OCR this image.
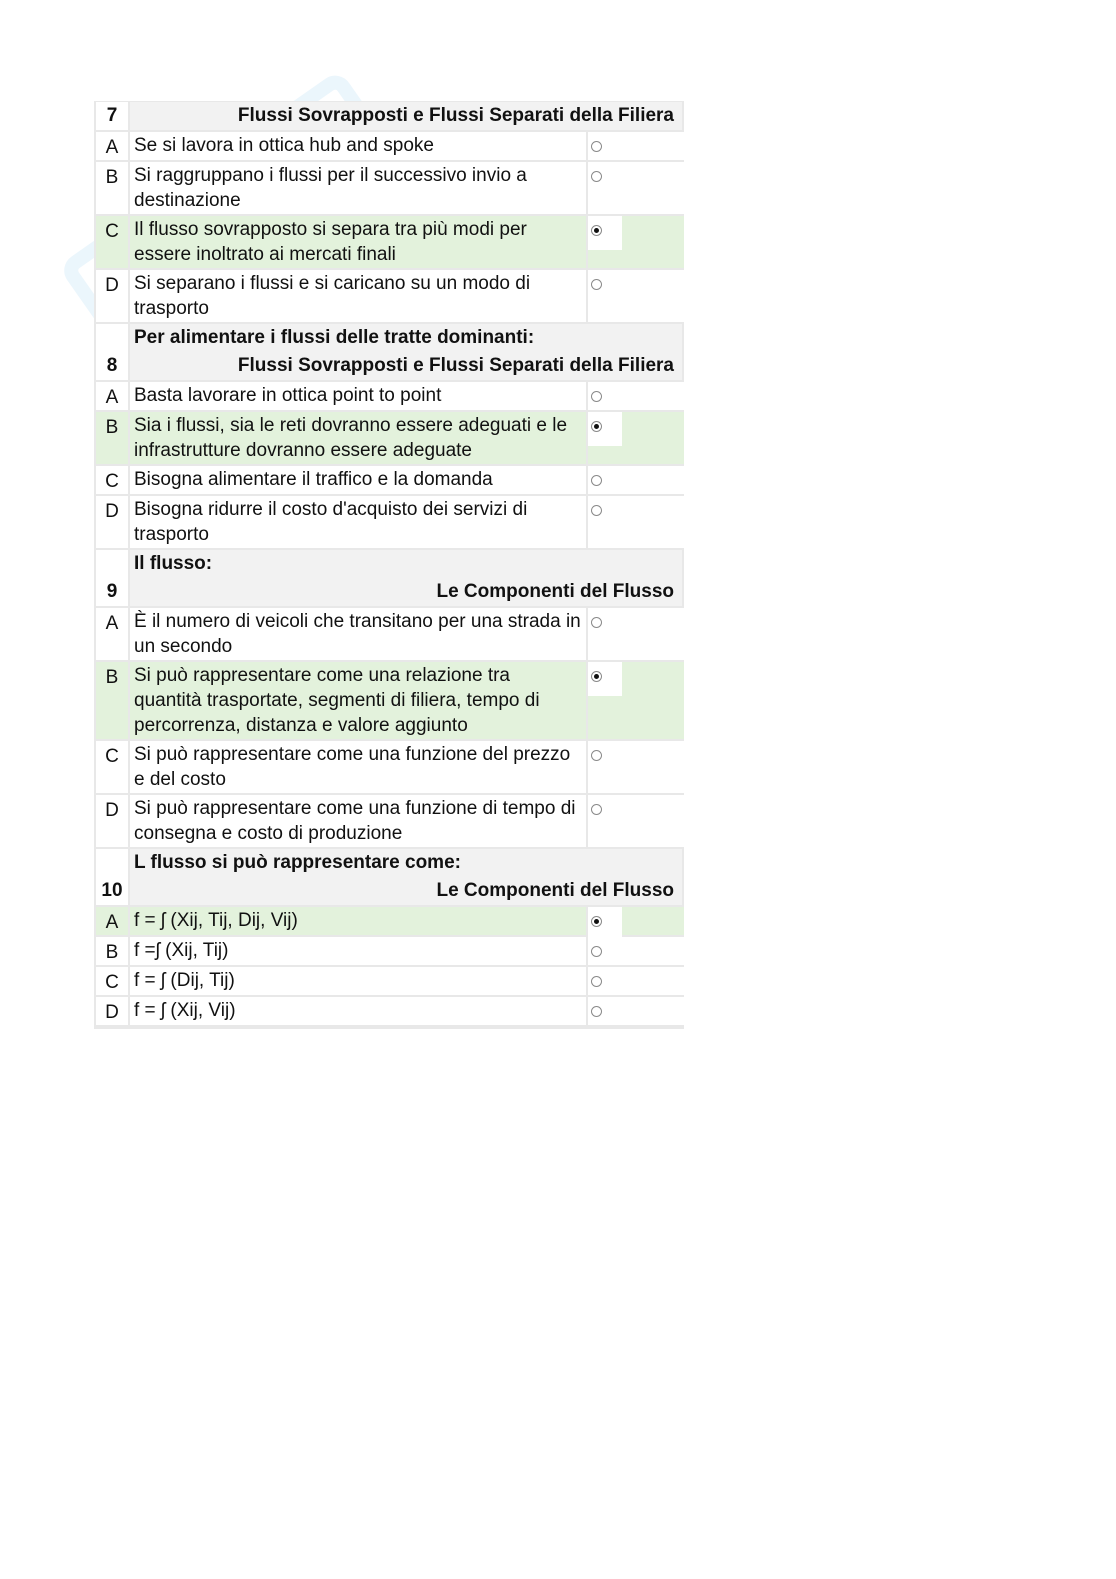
7	Flussi Sovrapposti e Flussi Separati della Filiera
A Se si lavora in ottica hub and spoke
B Si raggruppano i flussi per il successivo invio a destinazione
C Il flusso sovrapposto si separa tra più modi per essere inoltrato ai mercati finali
D Si separano i flussi e si caricano su un modo di trasporto
8
Per alimentare i flussi delle tratte dominanti:
Flussi Sovrapposti e Flussi Separati della Filiera
A Basta lavorare in ottica point to point
B Sia i flussi, sia le reti dovranno essere adeguati e le infrastrutture dovranno essere adeguate
C Bisogna alimentare il traffico e la domanda
D Bisogna ridurre il costo d'acquisto dei servizi di trasporto
9
Il flusso:
Le Componenti del Flusso
A È il numero di veicoli che transitano per una strada in un secondo
B Si può rappresentare come una relazione tra quantità trasportate, segmenti di filiera, tempo di percorrenza, distanza e valore aggiunto
C Si può rappresentare come una funzione del prezzo e del costo
D Si può rappresentare come una funzione di tempo di consegna e costo di produzione
10
L flusso si può rappresentare come:
Le Componenti del Flusso
A f = ʃ (Xij, Tij, Dij, Vij)
B f =ʃ (Xij, Tij)
C f = ʃ (Dij, Tij)
D f = ʃ (Xij, Vij)
